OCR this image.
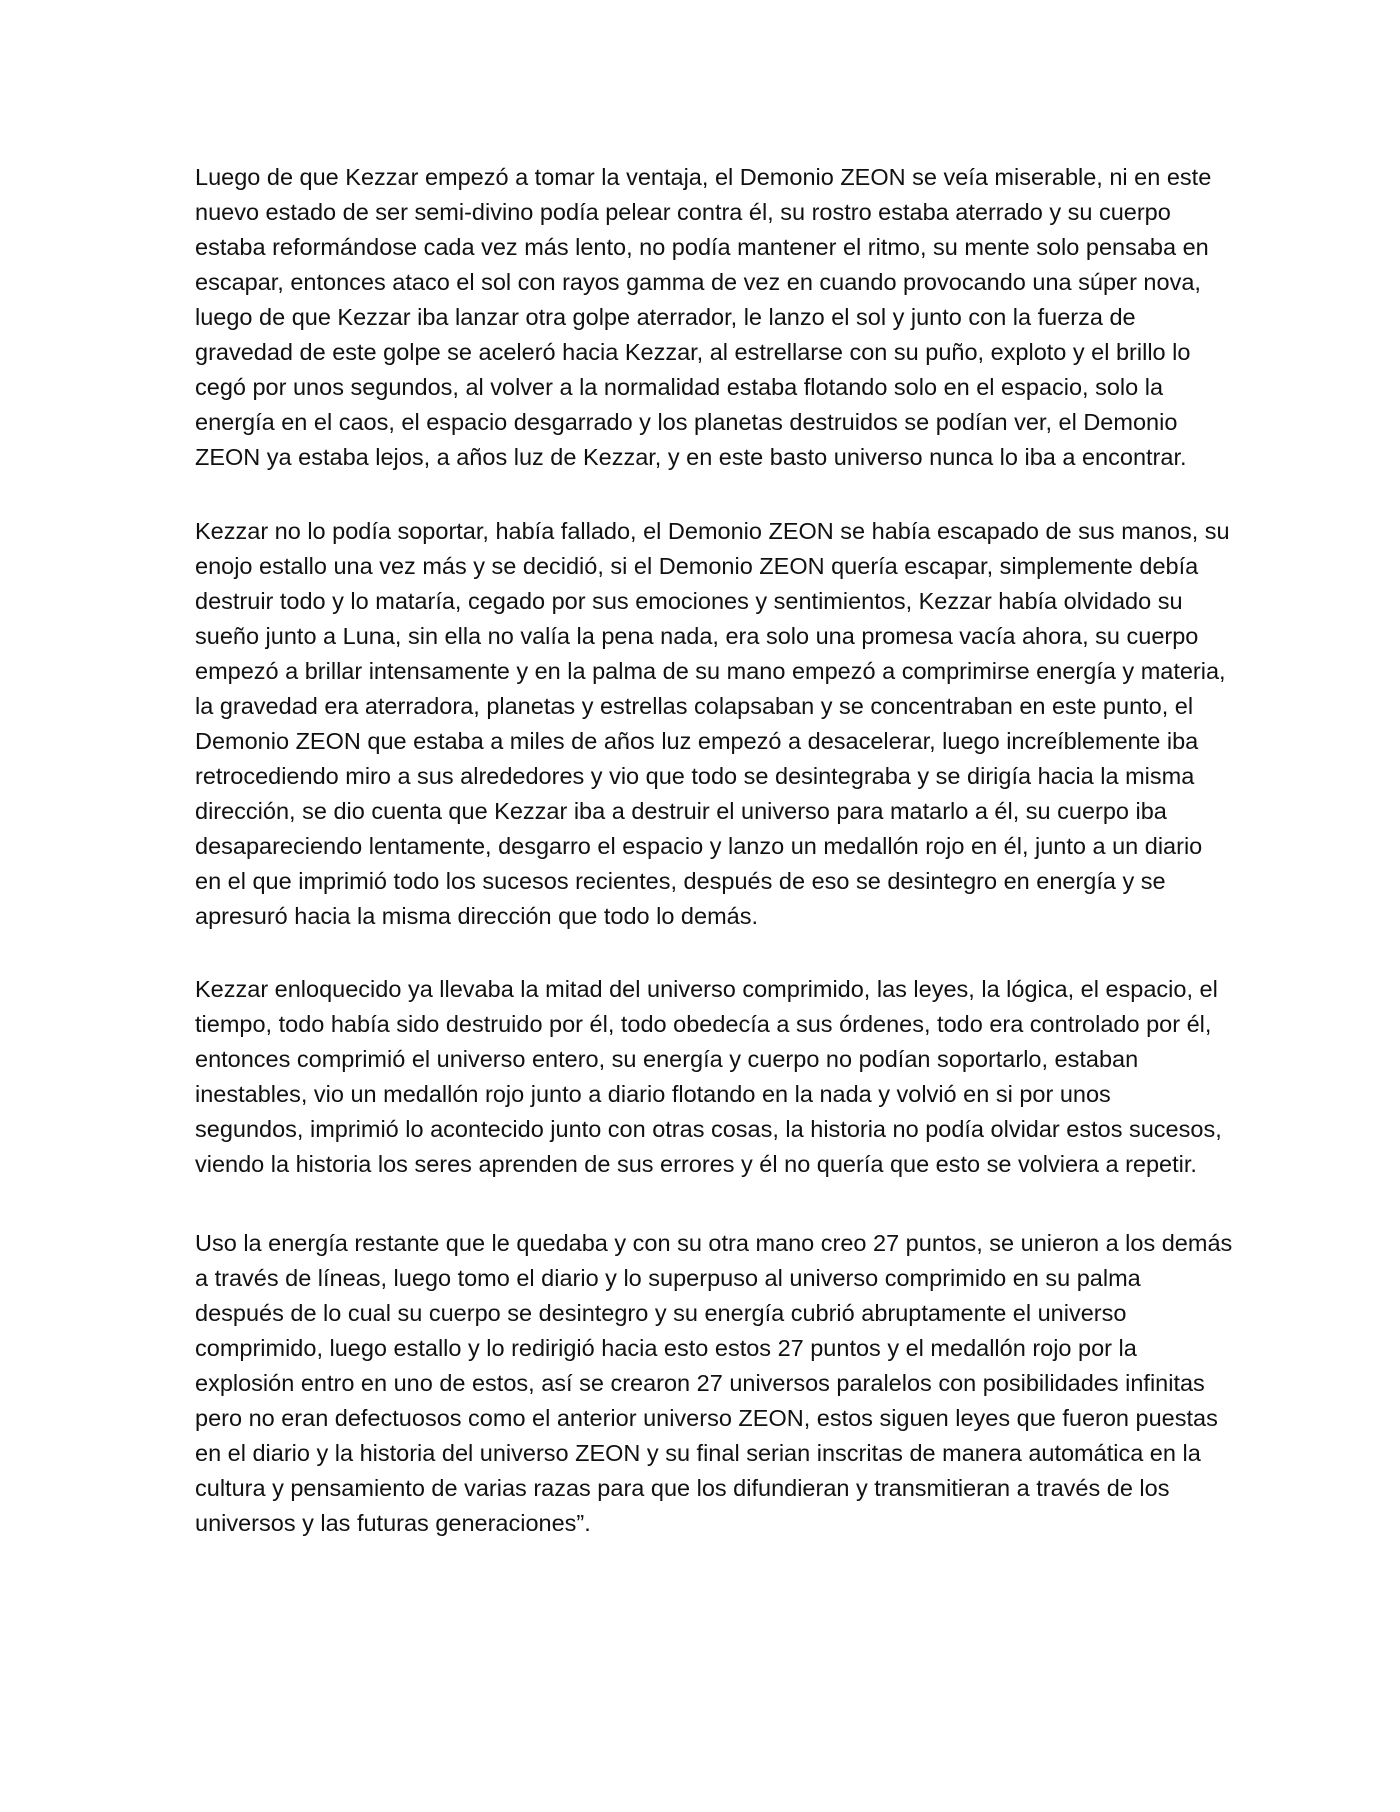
Luego de que Kezzar empezó a tomar la ventaja, el Demonio ZEON se veía miserable, ni en este
nuevo estado de ser semi-divino podía pelear contra él, su rostro estaba aterrado y su cuerpo
estaba reformándose cada vez más lento, no podía mantener el ritmo, su mente solo pensaba en
escapar, entonces ataco el sol con rayos gamma de vez en cuando provocando una súper nova,
luego de que Kezzar iba lanzar otra golpe aterrador, le lanzo el sol y junto con la fuerza de
gravedad de este golpe se aceleró hacia Kezzar, al estrellarse con su puño, exploto y el brillo lo
cegó por unos segundos, al volver a la normalidad estaba flotando solo en el espacio, solo la
energía en el caos, el espacio desgarrado y los planetas destruidos se podían ver, el Demonio
ZEON ya estaba lejos, a años luz de Kezzar, y en este basto universo nunca lo iba a encontrar.
Kezzar no lo podía soportar, había fallado, el Demonio ZEON se había escapado de sus manos, su
enojo estallo una vez más y se decidió, si el Demonio ZEON quería escapar, simplemente debía
destruir todo y lo mataría, cegado por sus emociones y sentimientos, Kezzar había olvidado su
sueño junto a Luna, sin ella no valía la pena nada, era solo una promesa vacía ahora, su cuerpo
empezó a brillar intensamente y en la palma de su mano empezó a comprimirse energía y materia,
la gravedad era aterradora, planetas y estrellas colapsaban y se concentraban en este punto, el
Demonio ZEON que estaba a miles de años luz empezó a desacelerar, luego increíblemente iba
retrocediendo miro a sus alrededores y vio que todo se desintegraba y se dirigía hacia la misma
dirección, se dio cuenta que Kezzar iba a destruir el universo para matarlo a él, su cuerpo iba
desapareciendo lentamente, desgarro el espacio y lanzo un medallón rojo en él, junto a un diario
en el que imprimió todo los sucesos recientes, después de eso se desintegro en energía y se
apresuró hacia la misma dirección que todo lo demás.
Kezzar enloquecido ya llevaba la mitad del universo comprimido, las leyes, la lógica, el espacio, el
tiempo, todo había sido destruido por él, todo obedecía a sus órdenes, todo era controlado por él,
entonces comprimió el universo entero, su energía y cuerpo no podían soportarlo, estaban
inestables, vio un medallón rojo junto a diario flotando en la nada y volvió en si por unos
segundos, imprimió lo acontecido junto con otras cosas, la historia no podía olvidar estos sucesos,
viendo la historia los seres aprenden de sus errores y él no quería que esto se volviera a repetir.
Uso la energía restante que le quedaba y con su otra mano creo 27 puntos, se unieron a los demás
a través de líneas, luego tomo el diario y lo superpuso al universo comprimido en su palma
después de lo cual su cuerpo se desintegro y su energía cubrió abruptamente el universo
comprimido, luego estallo y lo redirigió hacia esto estos 27 puntos y el medallón rojo por la
explosión entro en uno de estos, así se crearon 27 universos paralelos con posibilidades infinitas
pero no eran defectuosos como el anterior universo ZEON, estos siguen leyes que fueron puestas
en el diario y la historia del universo ZEON y su final serian inscritas de manera automática en la
cultura y pensamiento de varias razas para que los difundieran y transmitieran a través de los
universos y las futuras generaciones”.
